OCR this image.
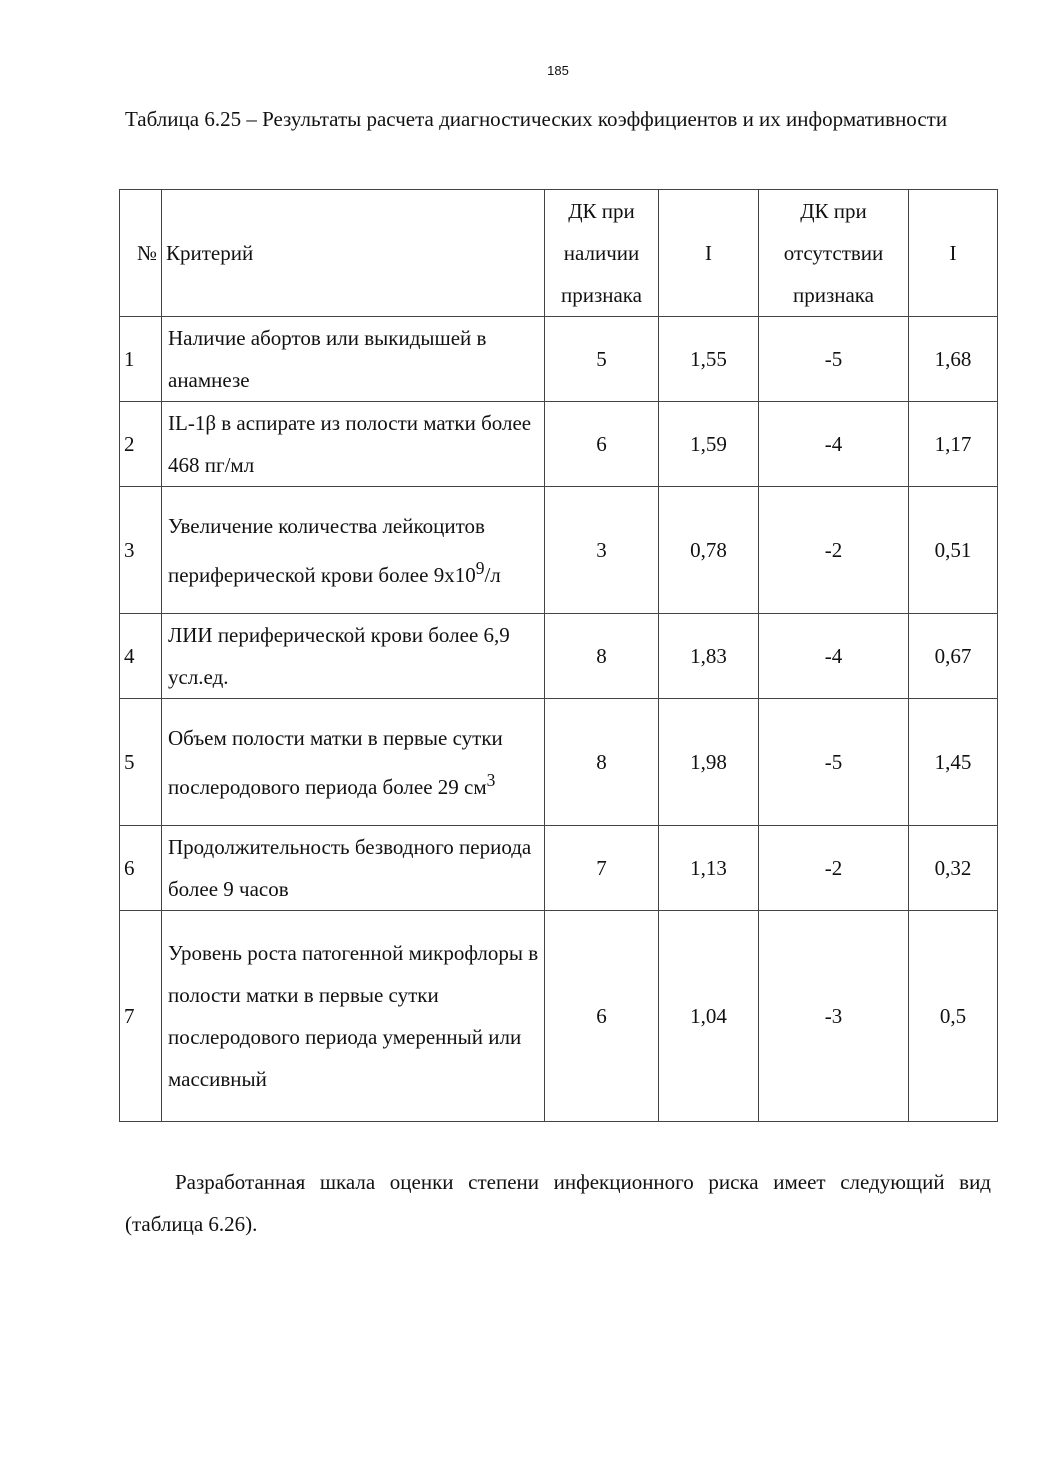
185
Таблица 6.25 – Результаты расчета диагностических коэффициентов и их информативности
№	Критерий	ДК при наличии признака	I	ДК при отсутствии признака	I
1	Наличие абортов или выкидышей в анамнезе	5	1,55	-5	1,68
2	IL-1β в аспирате из полости матки более 468 пг/мл	6	1,59	-4	1,17
3	Увеличение количества лейкоцитов периферической крови более $9х10^9/л$	3	0,78	-2	0,51
4	ЛИИ периферической крови более 6,9 усл.ед.	8	1,83	-4	0,67
5	Объем полости матки в первые сутки послеродового периода более 29 $см^3$	8	1,98	-5	1,45
6	Продолжительность безводного периода более 9 часов	7	1,13	-2	0,32
7	Уровень роста патогенной микрофлоры в полости матки в первые сутки послеродового периода умеренный или массивный	6	1,04	-3	0,5
Разработанная шкала оценки степени инфекционного риска имеет следующий вид (таблица 6.26).
